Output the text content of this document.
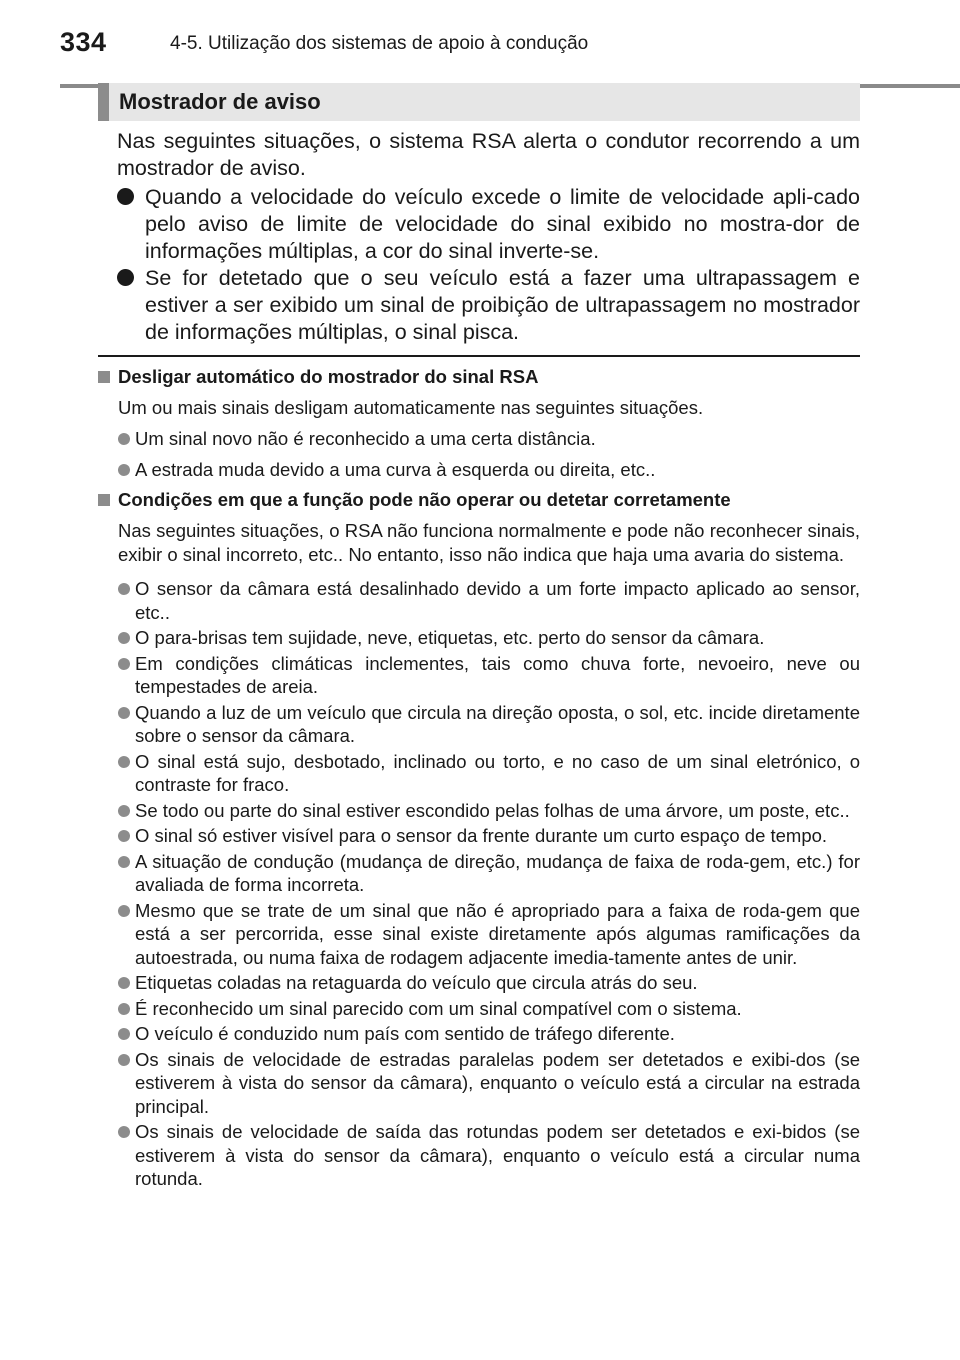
334	4-5. Utilização dos sistemas de apoio à condução
Mostrador de aviso

Nas seguintes situações, o sistema RSA alerta o condutor recorrendo a um mostrador de aviso.

Quando a velocidade do veículo excede o limite de velocidade apli-cado pelo aviso de limite de velocidade do sinal exibido no mostra-dor de informações múltiplas, a cor do sinal inverte-se.
Se for detetado que o seu veículo está a fazer uma ultrapassagem e estiver a ser exibido um sinal de proibição de ultrapassagem no mostrador de informações múltiplas, o sinal pisca.
Desligar automático do mostrador do sinal RSA
Um ou mais sinais desligam automaticamente nas seguintes situações.
Um sinal novo não é reconhecido a uma certa distância.
A estrada muda devido a uma curva à esquerda ou direita, etc..
Condições em que a função pode não operar ou detetar corretamente
Nas seguintes situações, o RSA não funciona normalmente e pode não reconhecer sinais, exibir o sinal incorreto, etc.. No entanto, isso não indica que haja uma avaria do sistema.
O sensor da câmara está desalinhado devido a um forte impacto aplicado ao sensor, etc..
O para-brisas tem sujidade, neve, etiquetas, etc. perto do sensor da câmara.
Em condições climáticas inclementes, tais como chuva forte, nevoeiro, neve ou tempestades de areia.
Quando a luz de um veículo que circula na direção oposta, o sol, etc. incide diretamente sobre o sensor da câmara.
O sinal está sujo, desbotado, inclinado ou torto, e no caso de um sinal eletrónico, o contraste for fraco.
Se todo ou parte do sinal estiver escondido pelas folhas de uma árvore, um poste, etc..
O sinal só estiver visível para o sensor da frente durante um curto espaço de tempo.
A situação de condução (mudança de direção, mudança de faixa de roda-gem, etc.) for avaliada de forma incorreta.
Mesmo que se trate de um sinal que não é apropriado para a faixa de roda-gem que está a ser percorrida, esse sinal existe diretamente após algumas ramificações da autoestrada, ou numa faixa de rodagem adjacente imedia-tamente antes de unir.
Etiquetas coladas na retaguarda do veículo que circula atrás do seu.
É reconhecido um sinal parecido com um sinal compatível com o sistema.
O veículo é conduzido num país com sentido de tráfego diferente.
Os sinais de velocidade de estradas paralelas podem ser detetados e exibi-dos (se estiverem à vista do sensor da câmara), enquanto o veículo está a circular na estrada principal.
Os sinais de velocidade de saída das rotundas podem ser detetados e exi-bidos (se estiverem à vista do sensor da câmara), enquanto o veículo está a circular numa rotunda.
